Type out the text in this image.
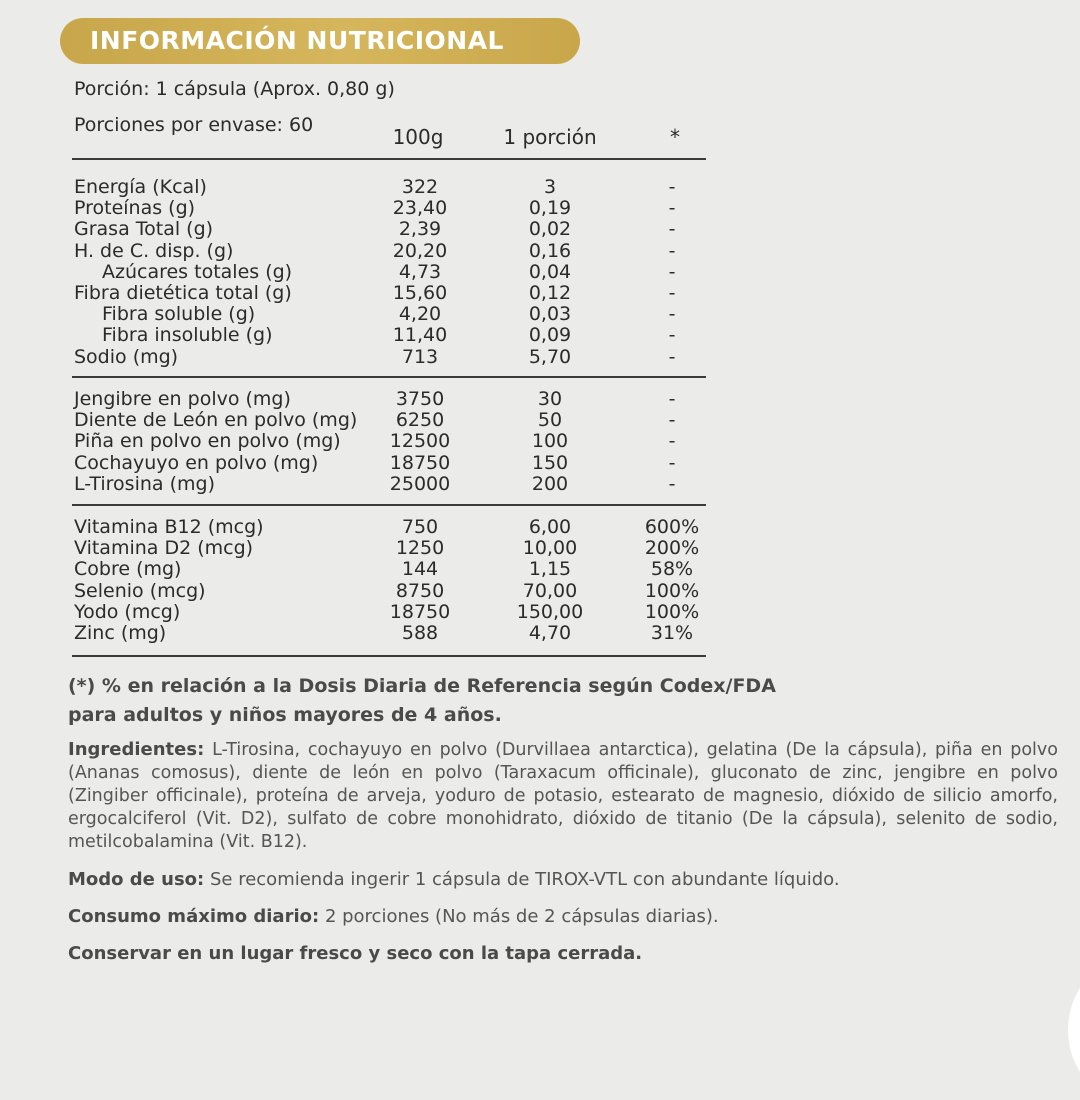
INFORMACIÓN NUTRICIONAL
Porción: 1 cápsula (Aprox. 0,80 g)
Porciones por envase: 60	100g	1 porción	*
Energía (Kcal)	322	3	-
Proteínas (g)	23,40	0,19	-
Grasa Total (g)	2,39	0,02	-
H. de C. disp. (g)	20,20	0,16	-
Azúcares totales (g)	4,73	0,04	-
Fibra dietética total (g)	15,60	0,12	-
Fibra soluble (g)	4,20	0,03	-
Fibra insoluble (g)	11,40	0,09	-
Sodio (mg)	713	5,70	-
Jengibre en polvo (mg)	3750	30	-
Diente de León en polvo (mg)	6250	50	-
Piña en polvo en polvo (mg)	12500	100	-
Cochayuyo en polvo (mg)	18750	150	-
L-Tirosina (mg)	25000	200	-
Vitamina B12 (mcg)	750	6,00	600%
Vitamina D2 (mcg)	1250	10,00	200%
Cobre (mg)	144	1,15	58%
Selenio (mcg)	8750	70,00	100%
Yodo (mcg)	18750	150,00	100%
Zinc (mg)	588	4,70	31%
(*) % en relación a la Dosis Diaria de Referencia según Codex/FDA
para adultos y niños mayores de 4 años.
Ingredientes: L-Tirosina, cochayuyo en polvo (Durvillaea antarctica), gelatina (De la cápsula), piña en polvo (Ananas comosus), diente de león en polvo (Taraxacum officinale), gluconato de zinc, jengibre en polvo (Zingiber officinale), proteína de arveja, yoduro de potasio, estearato de magnesio, dióxido de silicio amorfo, ergocalciferol (Vit. D2), sulfato de cobre monohidrato, dióxido de titanio (De la cápsula), selenito de sodio, metilcobalamina (Vit. B12).
Modo de uso: Se recomienda ingerir 1 cápsula de TIROX-VTL con abundante líquido.
Consumo máximo diario: 2 porciones (No más de 2 cápsulas diarias).
Conservar en un lugar fresco y seco con la tapa cerrada.
